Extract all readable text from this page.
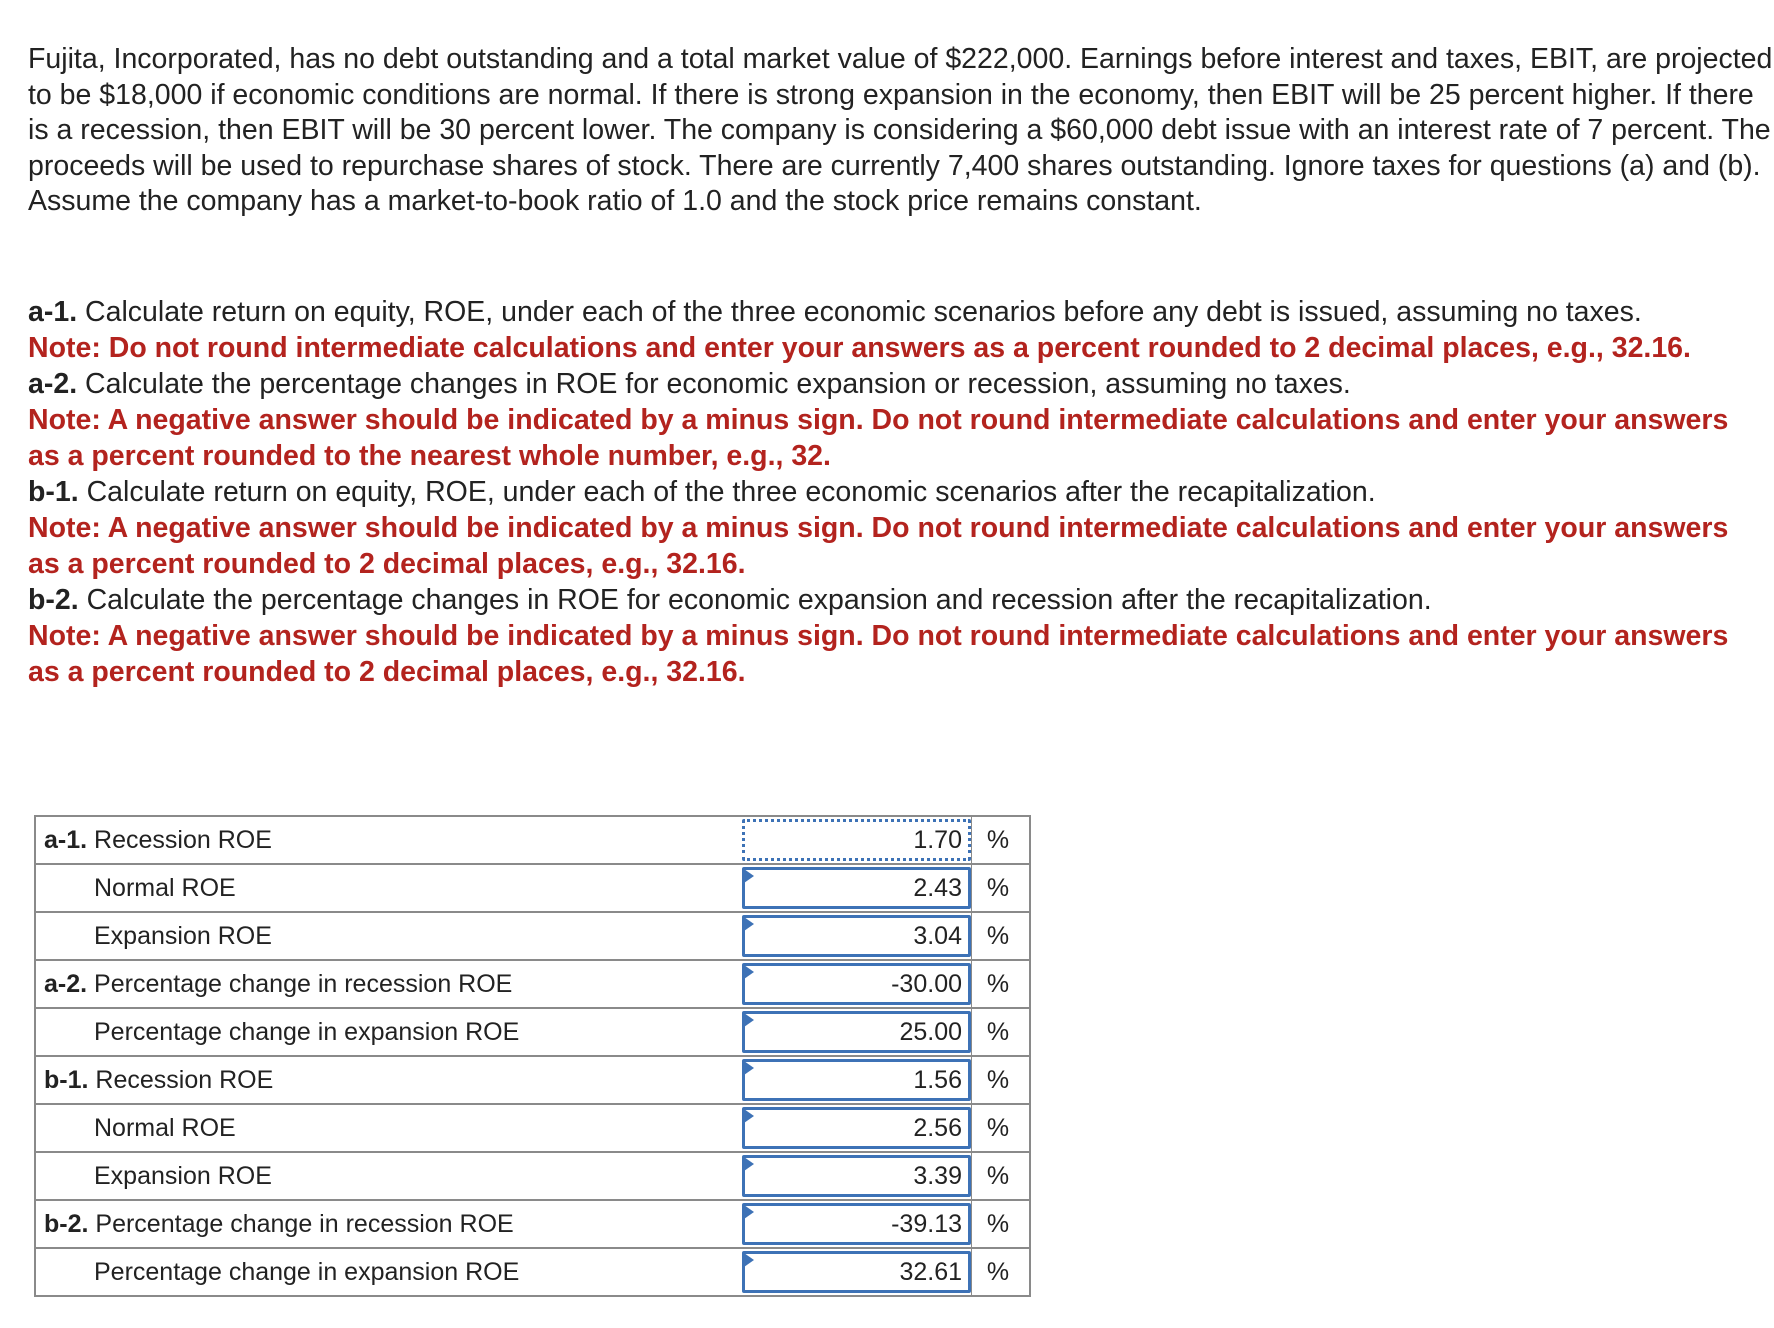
Fujita, Incorporated, has no debt outstanding and a total market value of $222,000. Earnings before interest and taxes, EBIT, are projected to be $18,000 if economic conditions are normal. If there is strong expansion in the economy, then EBIT will be 25 percent higher. If there is a recession, then EBIT will be 30 percent lower. The company is considering a $60,000 debt issue with an interest rate of 7 percent. The proceeds will be used to repurchase shares of stock. There are currently 7,400 shares outstanding. Ignore taxes for questions (a) and (b). Assume the company has a market-to-book ratio of 1.0 and the stock price remains constant.

a-1. Calculate return on equity, ROE, under each of the three economic scenarios before any debt is issued, assuming no taxes.

Note: Do not round intermediate calculations and enter your answers as a percent rounded to 2 decimal places, e.g., 32.16.

a-2. Calculate the percentage changes in ROE for economic expansion or recession, assuming no taxes.

Note: A negative answer should be indicated by a minus sign. Do not round intermediate calculations and enter your answers as a percent rounded to the nearest whole number, e.g., 32.

b-1. Calculate return on equity, ROE, under each of the three economic scenarios after the recapitalization.

Note: A negative answer should be indicated by a minus sign. Do not round intermediate calculations and enter your answers as a percent rounded to 2 decimal places, e.g., 32.16.

b-2. Calculate the percentage changes in ROE for economic expansion and recession after the recapitalization.

Note: A negative answer should be indicated by a minus sign. Do not round intermediate calculations and enter your answers as a percent rounded to 2 decimal places, e.g., 32.16.

a-1. Recession ROE	1.70 %

Normal ROE	2.43 %

Expansion ROE	3.04 %

a-2. Percentage change in recession ROE	-30.00 %

Percentage change in expansion ROE	25.00 %

b-1. Recession ROE	1.56 %

Normal ROE	2.56 %

Expansion ROE	3.39 %

b-2. Percentage change in recession ROE	-39.13 %

Percentage change in expansion ROE	32.61 %
